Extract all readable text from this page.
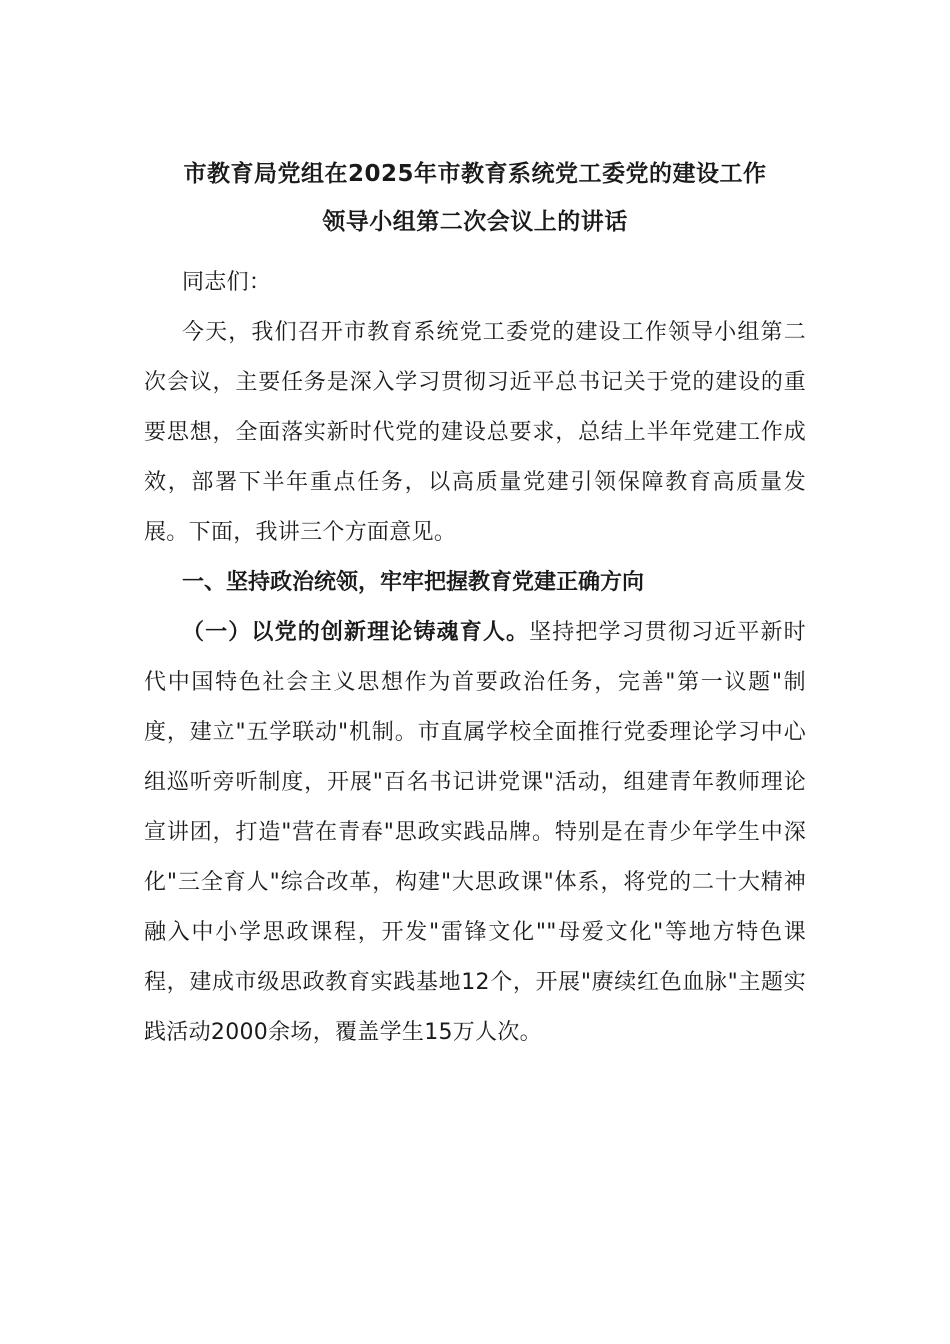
市教育局党组在2025年市教育系统党工委党的建设工作
领导小组第二次会议上的讲话

同志们：

今天，我们召开市教育系统党工委党的建设工作领导小组第二次会议，主要任务是深入学习贯彻习近平总书记关于党的建设的重要思想，全面落实新时代党的建设总要求，总结上半年党建工作成效，部署下半年重点任务，以高质量党建引领保障教育高质量发展。下面，我讲三个方面意见。

一、坚持政治统领，牢牢把握教育党建正确方向

（一）以党的创新理论铸魂育人。坚持把学习贯彻习近平新时代中国特色社会主义思想作为首要政治任务，完善"第一议题"制度，建立"五学联动"机制。市直属学校全面推行党委理论学习中心组巡听旁听制度，开展"百名书记讲党课"活动，组建青年教师理论宣讲团，打造"营在青春"思政实践品牌。特别是在青少年学生中深化"三全育人"综合改革，构建"大思政课"体系，将党的二十大精神融入中小学思政课程，开发"雷锋文化""母爱文化"等地方特色课程，建成市级思政教育实践基地12个，开展"赓续红色血脉"主题实践活动2000余场，覆盖学生15万人次。
